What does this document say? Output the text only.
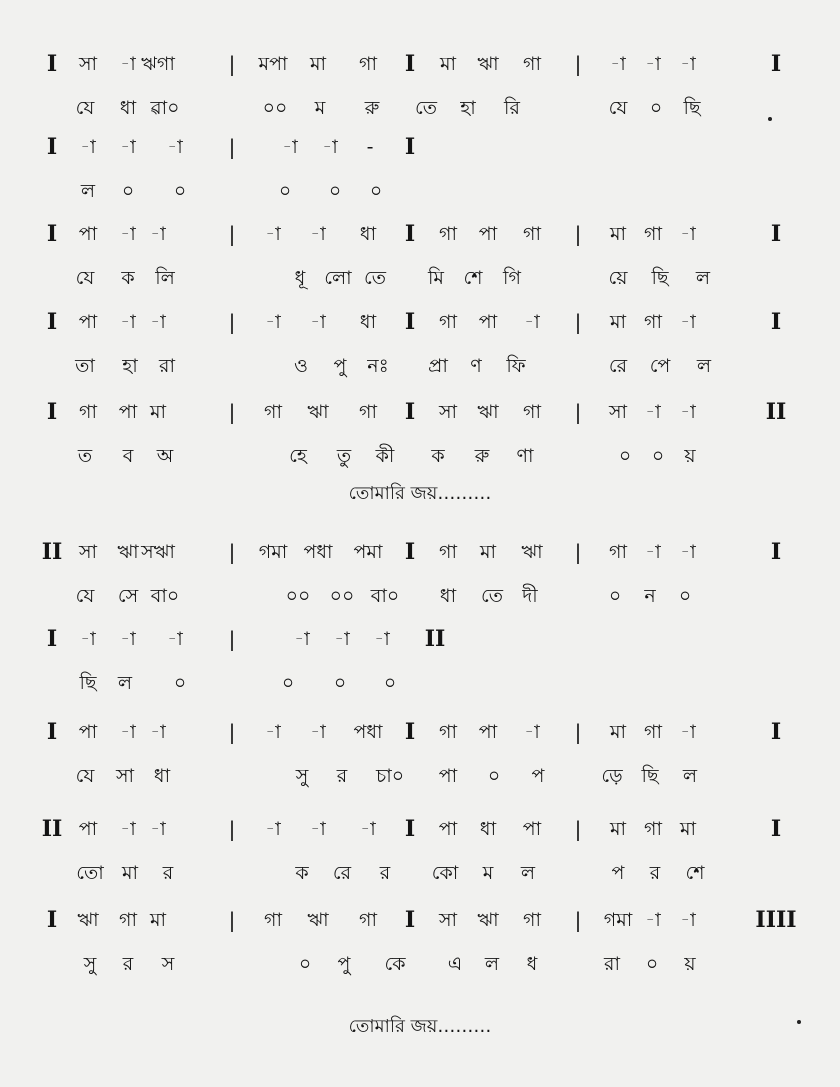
I সা -া ঋগা	| মপা মা গা I মা ঋা গা | -া -া -া	I
যে ধা ৱা০	০০ ম রু তে হা রি	যে ০ ছি
I -া -া -া | -া -া - I
ল ০ ০	০ ০ ০
I পা -া -া	| -া -া ধা I গা পা গা | মা গা -া	I
যে ক লি	ধূ লো তে মি শে গি	য়ে ছি ল
I পা -া -া	| -া -া ধা I গা পা -া | মা গা -া	I
তা হা রা	ও পু নঃ প্রা ণ ফি	রে পে ল
I গা পা মা	| গা ঋা গা I সা ঋা গা | সা -া -া	II
ত ব অ	হে তু কী ক রু ণা	০ ০ য়
তোমারি জয়………
II সা ঋা সঋা	| গমা পধা পমা I গা মা ঋা | গা -া -া	I
যে সে বা০	০০ ০০ বা০ ধা তে দী	০ ন ০
I -া -া -া |	-া -া -া II
ছি ল ০	০ ০ ০
I পা -া -া	| -া -া পধা I গা পা -া | মা গা -া	I
যে সা ধা	সু র চা০ পা ০ প	ড়ে ছি ল
II পা -া -া	| -া -া -া I পা ধা পা | মা গা মা	I
তো মা র	ক রে র কো ম ল	প র শে
I ঋা গা মা	| গা ঋা গা I সা ঋা গা | গমা -া -া	IIII
সু র স	০ পু কে এ ল ধ	রা ০ য়
তোমারি জয়………
